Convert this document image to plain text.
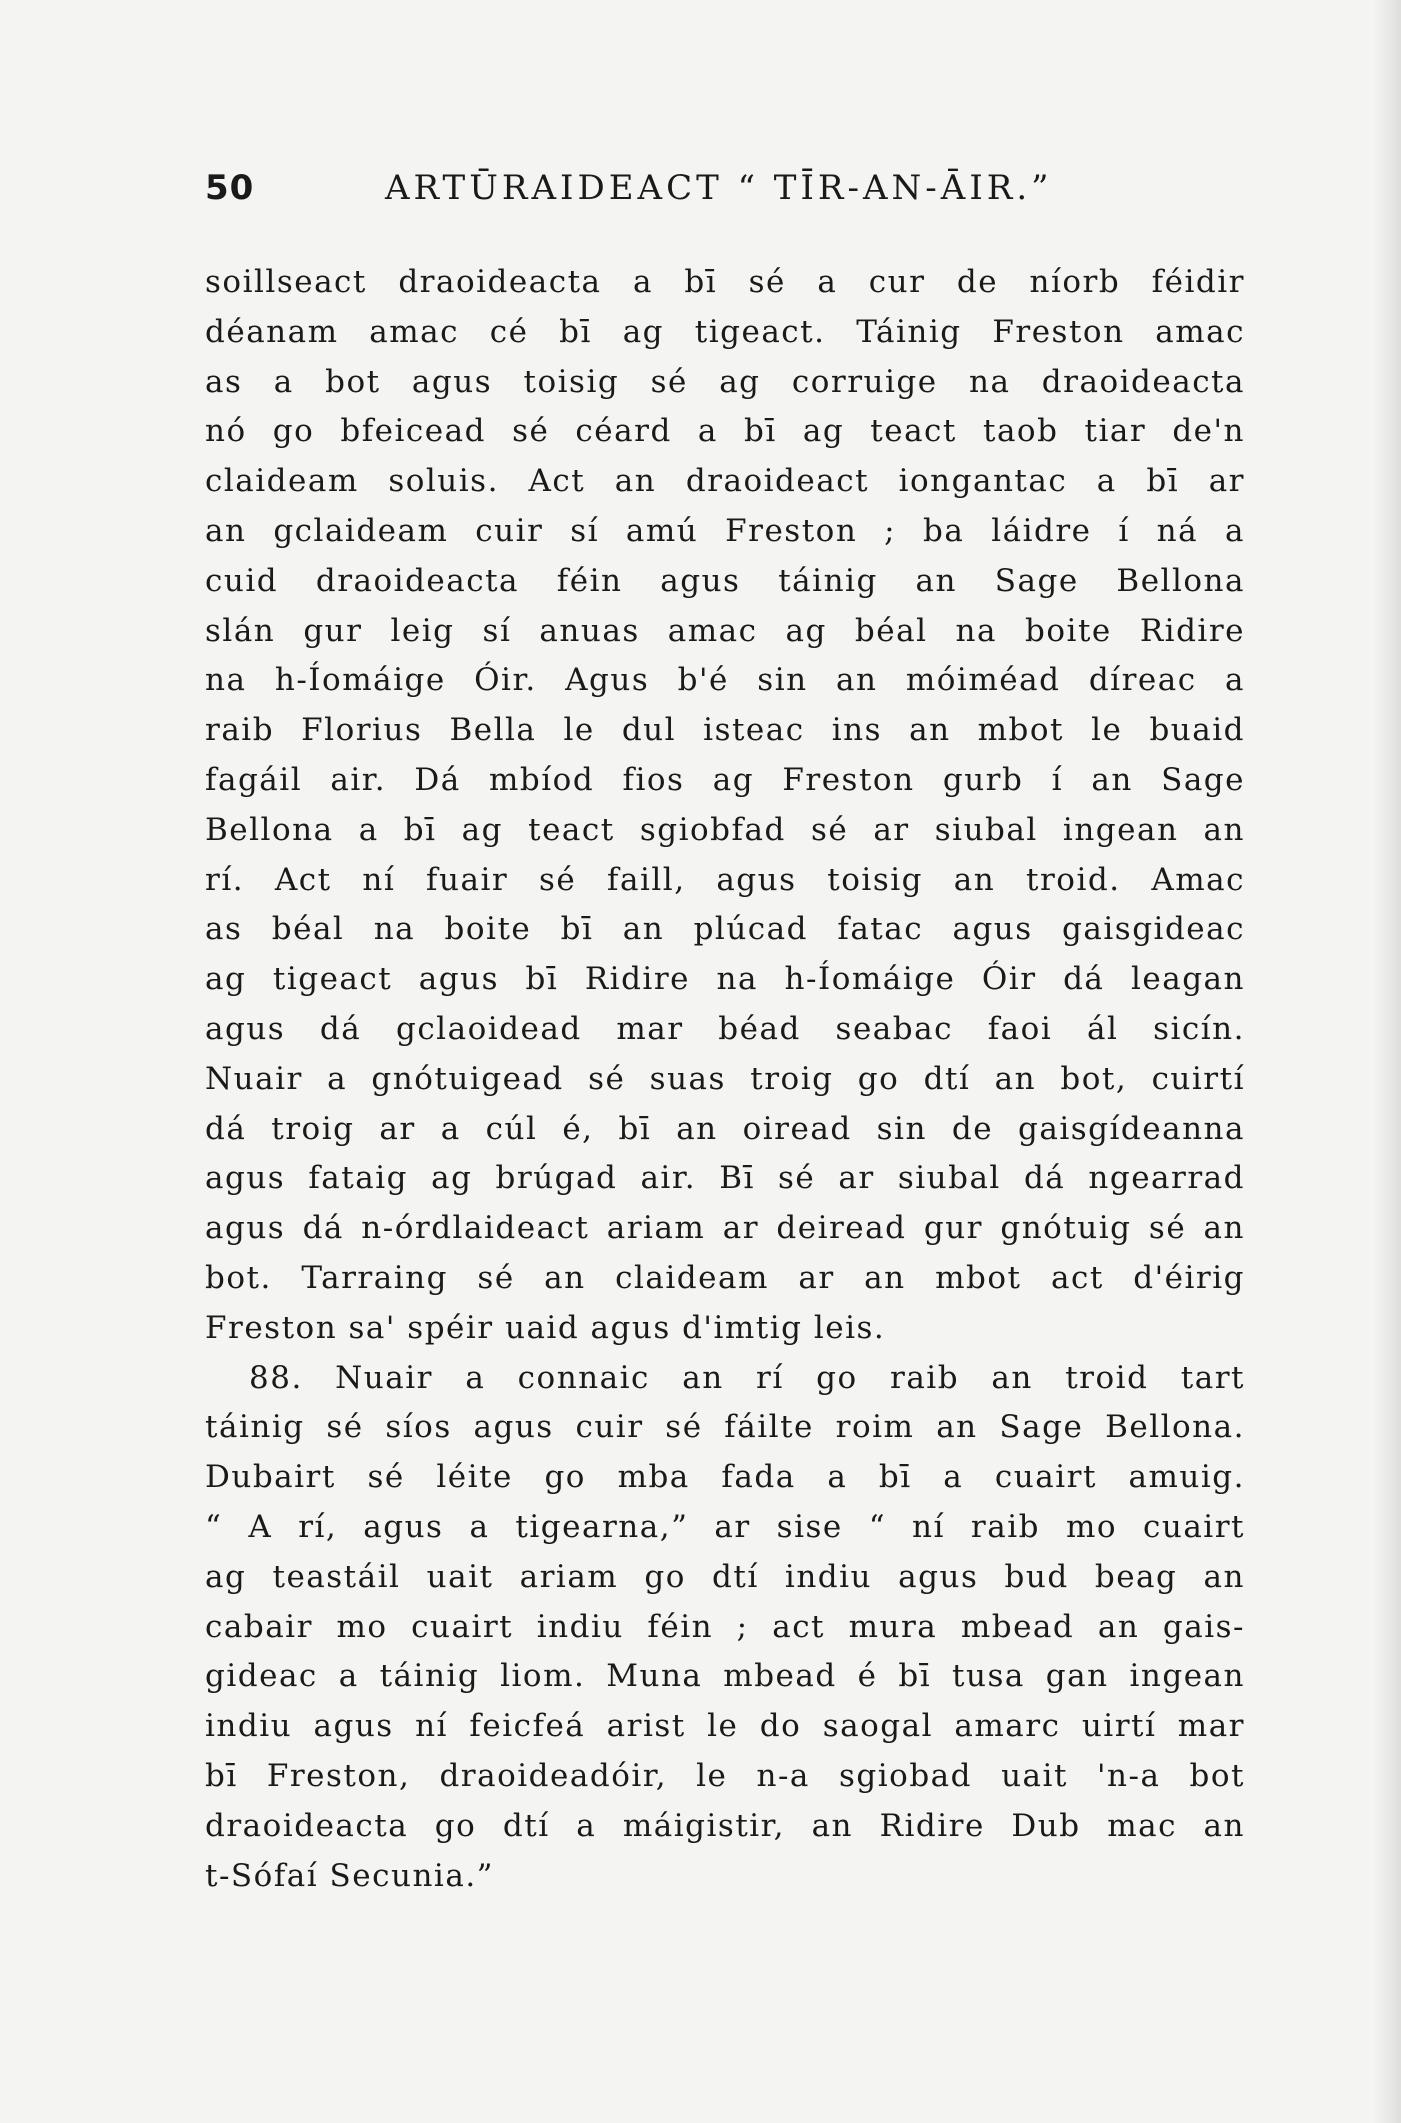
50	ARTŪRAIDEACT “ TĪR-AN-ĀIR.”
soillseact draoideacta a bī sé a cur de níorb féidir
déanam amac cé bī ag tigeact. Táinig Freston amac
as a bot agus toisig sé ag corruige na draoideacta
nó go bfeicead sé céard a bī ag teact taob tiar de'n
claideam soluis. Act an draoideact iongantac a bī ar
an gclaideam cuir sí amú Freston ; ba láidre í ná a
cuid draoideacta féin agus táinig an Sage Bellona
slán gur leig sí anuas amac ag béal na boite Ridire
na h-Íomáige Óir. Agus b'é sin an móiméad díreac a
raib Florius Bella le dul isteac ins an mbot le buaid
fagáil air. Dá mbíod fios ag Freston gurb í an Sage
Bellona a bī ag teact sgiobfad sé ar siubal ingean an
rí. Act ní fuair sé faill, agus toisig an troid. Amac
as béal na boite bī an plúcad fatac agus gaisgideac
ag tigeact agus bī Ridire na h-Íomáige Óir dá leagan
agus dá gclaoidead mar béad seabac faoi ál sicín.
Nuair a gnótuigead sé suas troig go dtí an bot, cuirtí
dá troig ar a cúl é, bī an oiread sin de gaisgídeanna
agus fataig ag brúgad air. Bī sé ar siubal dá ngearrad
agus dá n-órdlaideact ariam ar deiread gur gnótuig sé an
bot. Tarraing sé an claideam ar an mbot act d'éirig
Freston sa' spéir uaid agus d'imtig leis.
88. Nuair a connaic an rí go raib an troid tart
táinig sé síos agus cuir sé fáilte roim an Sage Bellona.
Dubairt sé léite go mba fada a bī a cuairt amuig.
“ A rí, agus a tigearna,” ar sise “ ní raib mo cuairt
ag teastáil uait ariam go dtí indiu agus bud beag an
cabair mo cuairt indiu féin ; act mura mbead an gais-
gideac a táinig liom. Muna mbead é bī tusa gan ingean
indiu agus ní feicfeá arist le do saogal amarc uirtí mar
bī Freston, draoideadóir, le n-a sgiobad uait 'n-a bot
draoideacta go dtí a máigistir, an Ridire Dub mac an
t-Sófaí Secunia.”
